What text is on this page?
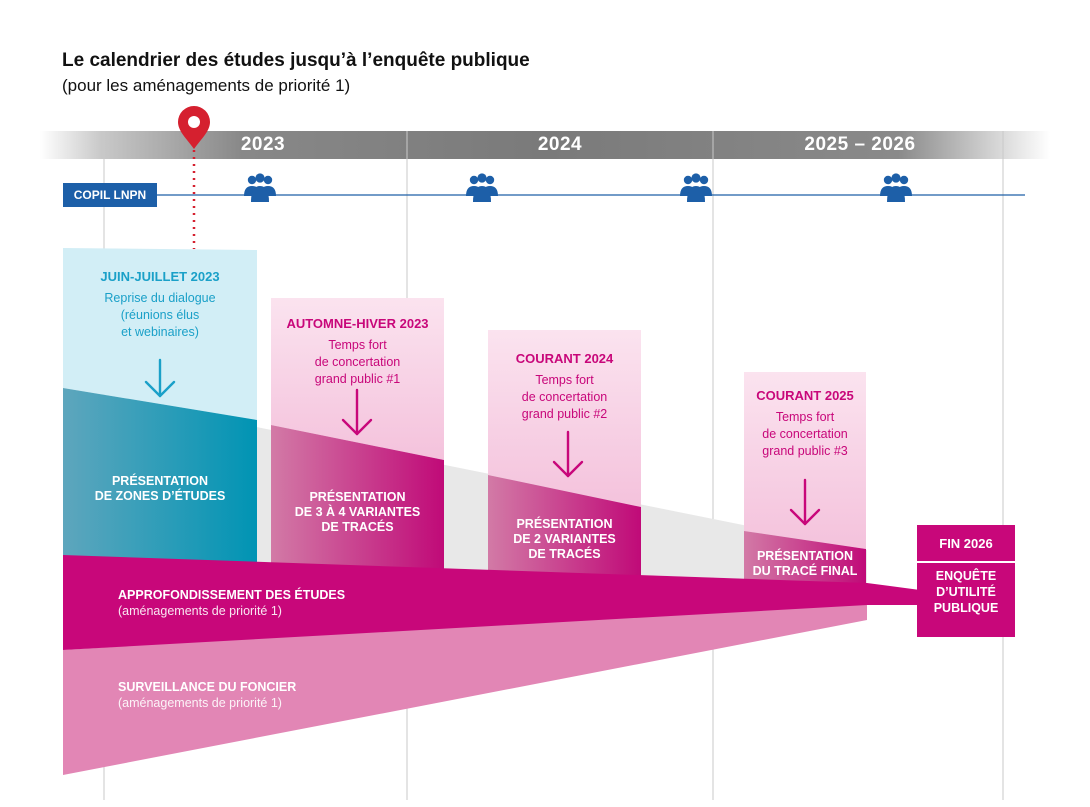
Le calendrier des études jusqu’à l’enquête publique
(pour les aménagements de priorité 1)
2023	2024	2025 – 2026
COPIL LNPN
JUIN-JUILLET 2023
Reprise du dialogue
(réunions élus
et webinaires)
PRÉSENTATION
DE ZONES D’ÉTUDES
AUTOMNE-HIVER 2023
Temps fort
de concertation
grand public #1
PRÉSENTATION
DE 3 À 4 VARIANTES
DE TRACÉS
COURANT 2024
Temps fort
de concertation
grand public #2
PRÉSENTATION
DE 2 VARIANTES
DE TRACÉS
COURANT 2025
Temps fort
de concertation
grand public #3
PRÉSENTATION
DU TRACÉ FINAL
APPROFONDISSEMENT DES ÉTUDES
(aménagements de priorité 1)
SURVEILLANCE DU FONCIER
(aménagements de priorité 1)
FIN 2026
ENQUÊTE
D’UTILITÉ
PUBLIQUE
